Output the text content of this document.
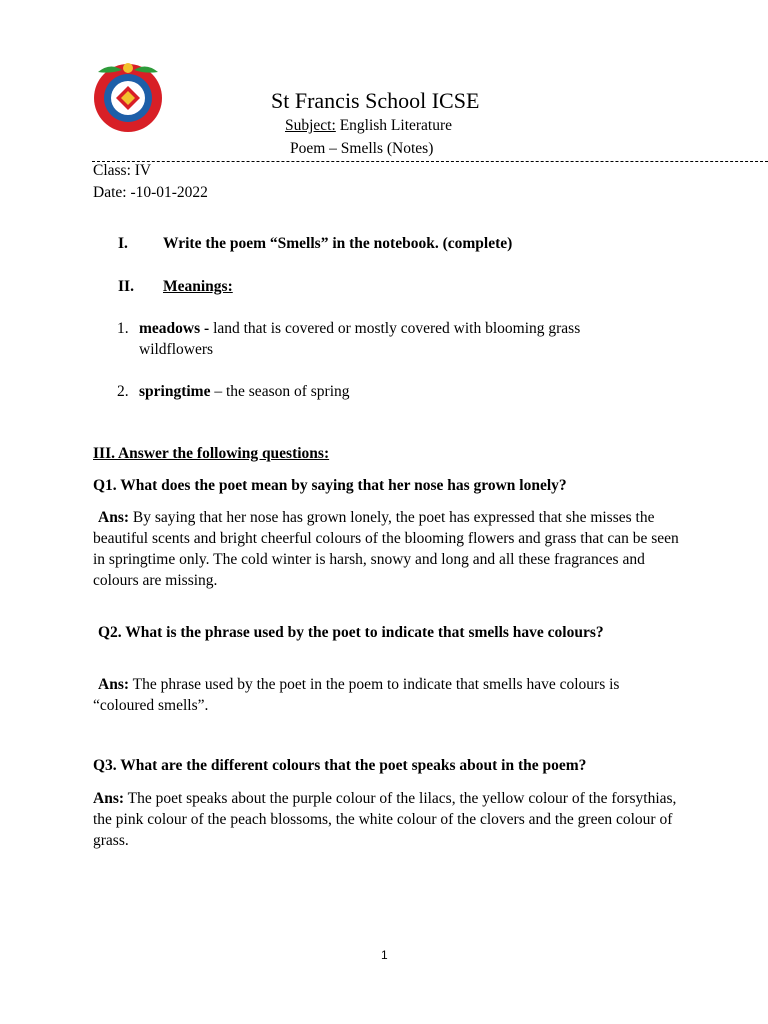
St Francis School ICSE
Subject: English Literature
Poem – Smells (Notes)
Class: IV
Date: -10-01-2022
I. Write the poem “Smells” in the notebook. (complete)
II. Meanings:
1. meadows - land that is covered or mostly covered with blooming grass
wildflowers
2. springtime – the season of spring
III. Answer the following questions:
Q1. What does the poet mean by saying that her nose has grown lonely?
Ans: By saying that her nose has grown lonely, the poet has expressed that she misses the beautiful scents and bright cheerful colours of the blooming flowers and grass that can be seen in springtime only. The cold winter is harsh, snowy and long and all these fragrances and colours are missing.
Q2. What is the phrase used by the poet to indicate that smells have colours?
Ans: The phrase used by the poet in the poem to indicate that smells have colours is “coloured smells”.
Q3. What are the different colours that the poet speaks about in the poem?
Ans: The poet speaks about the purple colour of the lilacs, the yellow colour of the forsythias, the pink colour of the peach blossoms, the white colour of the clovers and the green colour of grass.
1
